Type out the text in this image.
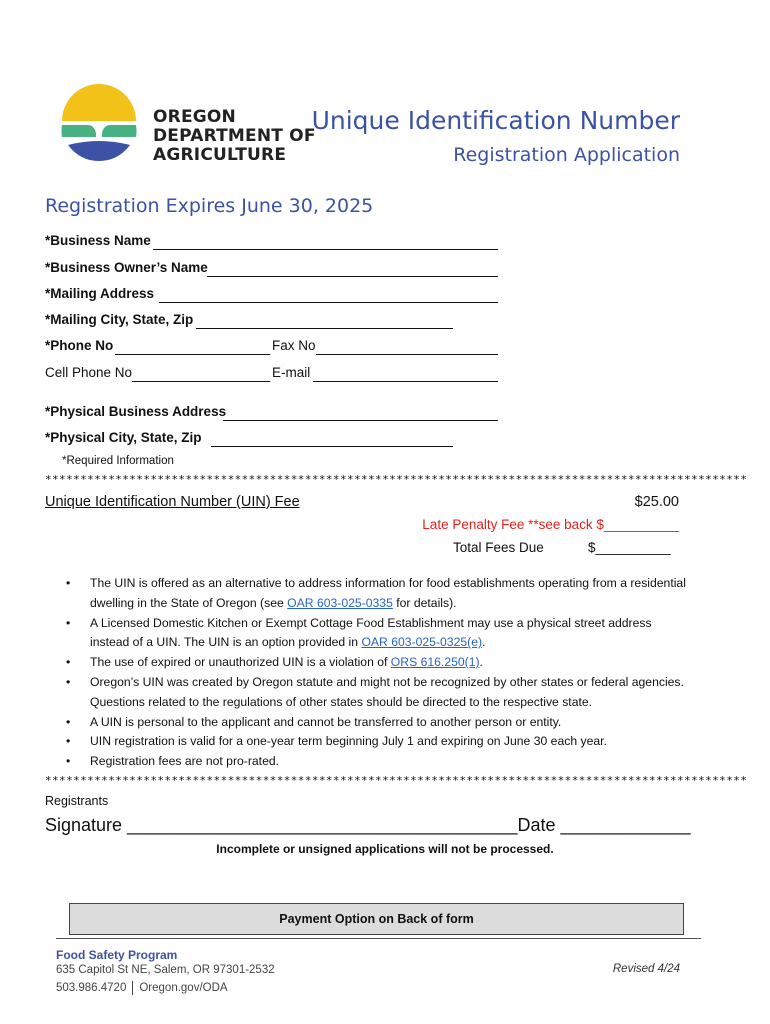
OREGON
DEPARTMENT OF
AGRICULTURE
Unique Identification Number
Registration Application
Registration Expires June 30, 2025
*Business Name
*Business Owner’s Name
*Mailing Address
*Mailing City, State, Zip
*Phone No	Fax No
Cell Phone No	E-mail
*Physical Business Address
*Physical City, State, Zip
*Required Information
****************************************************************************************************
Unique Identification Number (UIN) Fee	$25.00
Late Penalty Fee **see back $__________
Total Fees Due	$__________
• The UIN is offered as an alternative to address information for food establishments operating from a residential dwelling in the State of Oregon (see OAR 603-025-0335 for details).
• A Licensed Domestic Kitchen or Exempt Cottage Food Establishment may use a physical street address instead of a UIN. The UIN is an option provided in OAR 603-025-0325(e).
• The use of expired or unauthorized UIN is a violation of ORS 616.250(1).
• Oregon’s UIN was created by Oregon statute and might not be recognized by other states or federal agencies. Questions related to the regulations of other states should be directed to the respective state.
• A UIN is personal to the applicant and cannot be transferred to another person or entity.
• UIN registration is valid for a one-year term beginning July 1 and expiring on June 30 each year.
• Registration fees are not pro-rated.
****************************************************************************************************
Registrants
Signature _______________________________________Date _____________
Incomplete or unsigned applications will not be processed.
Payment Option on Back of form
Food Safety Program
635 Capitol St NE, Salem, OR 97301-2532
503.986.4720 Oregon.gov/ODA
Revised 4/24
